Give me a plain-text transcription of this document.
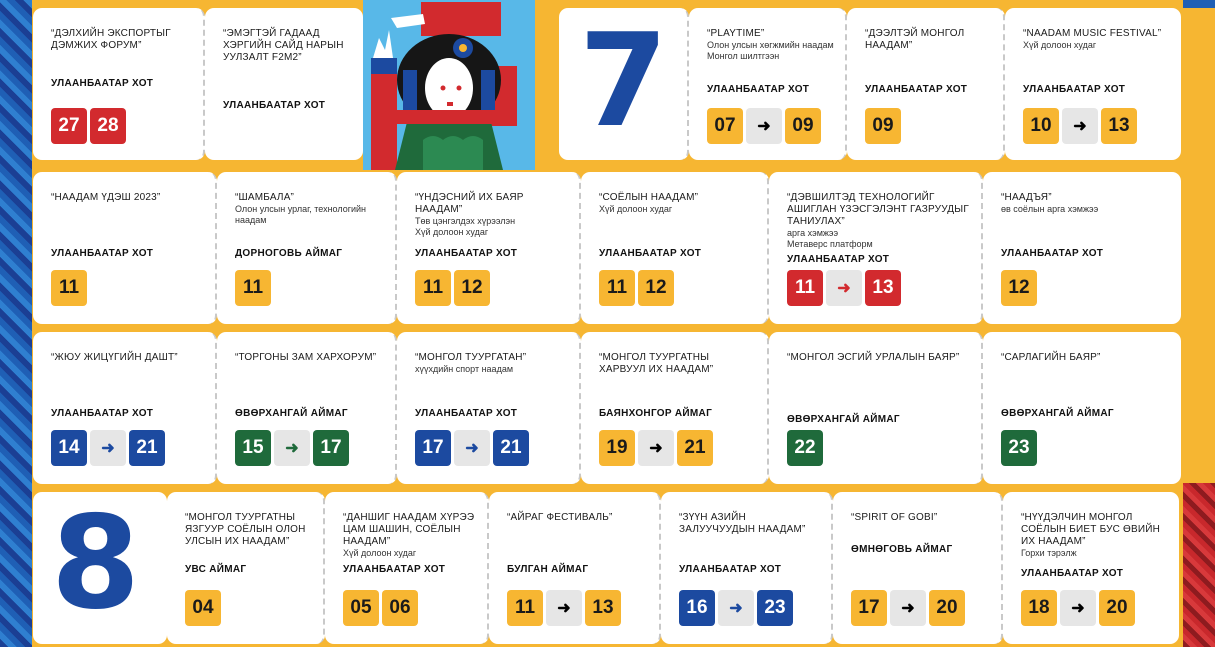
“ДЭЛХИЙН ЭКСПОРТЫГ ДЭМЖИХ ФОРУМ”
УЛААНБААТАР ХОТ
27 28
“ЭМЭГТЭЙ ГАДААД ХЭРГИЙН САЙД НАРЫН УУЛЗАЛТ F2M2”
УЛААНБААТАР ХОТ 7	“PLAYTIME”
Олон улсын хөгжмийн наадам
Монгол шилтгээн
УЛААНБААТАР ХОТ
07	➜	09
“ДЭЭЛТЭЙ МОНГОЛ НААДАМ”
УЛААНБААТАР ХОТ
09
“NAADAM MUSIC FESTIVAL”
Хүй долоон худаг
УЛААНБААТАР ХОТ
10	➜	13
“НААДАМ ҮДЭШ 2023”
УЛААНБААТАР ХОТ
11
“ШАМБАЛА”
Олон улсын урлаг, технологийн наадам
ДОРНОГОВЬ АЙМАГ
11
“ҮНДЭСНИЙ ИХ БАЯР НААДАМ”
Төв цэнгэлдэх хүрээлэн
Хүй долоон худаг
УЛААНБААТАР ХОТ
11 12
“СОЁЛЫН НААДАМ”
Хүй долоон худаг
УЛААНБААТАР ХОТ
11 12
“ДЭВШИЛТЭД ТЕХНОЛОГИЙГ АШИГЛАН ҮЗЭСГЭЛЭНТ ГАЗРУУДЫГ ТАНИУЛАХ”
арга хэмжээ
Метаверс платформ
УЛААНБААТАР ХОТ
11	➜	13
“НААДЪЯ”
өв соёлын арга хэмжээ
УЛААНБААТАР ХОТ
12
“ЖЮУ ЖИЦҮГИЙН ДАШТ”
УЛААНБААТАР ХОТ
14	➜	21
“ТОРГОНЫ ЗАМ ХАРХОРУМ”
ӨВӨРХАНГАЙ АЙМАГ
15	➜	17
“МОНГОЛ ТУУРГАТАН”
хүүхдийн спорт наадам
УЛААНБААТАР ХОТ
17	➜	21
“МОНГОЛ ТУУРГАТНЫ ХАРВУУЛ ИХ НААДАМ”
БАЯНХОНГОР АЙМАГ
19	➜	21
“МОНГОЛ ЭСГИЙ УРЛАЛЫН БАЯР”
ӨВӨРХАНГАЙ АЙМАГ
22
“САРЛАГИЙН БАЯР”
ӨВӨРХАНГАЙ АЙМАГ
23
8	“МОНГОЛ ТУУРГАТНЫ ЯЗГУУР СОЁЛЫН ОЛОН УЛСЫН ИХ НААДАМ”
УВС АЙМАГ
04
“ДАНШИГ НААДАМ ХҮРЭЭ ЦАМ ШАШИН, СОЁЛЫН НААДАМ”
Хүй долоон худаг
УЛААНБААТАР ХОТ
05 06
“АЙРАГ ФЕСТИВАЛЬ”
БУЛГАН АЙМАГ
11	➜	13
“ЗҮҮН АЗИЙН ЗАЛУУЧУУДЫН НААДАМ”
УЛААНБААТАР ХОТ
16	➜	23
“SPIRIT OF GOBI”
ӨМНӨГОВЬ АЙМАГ
17	➜	20
“НҮҮДЭЛЧИН МОНГОЛ СОЁЛЫН БИЕТ БУС ӨВИЙН ИХ НААДАМ”
Горхи тэрэлж
УЛААНБААТАР ХОТ
18	➜	20
